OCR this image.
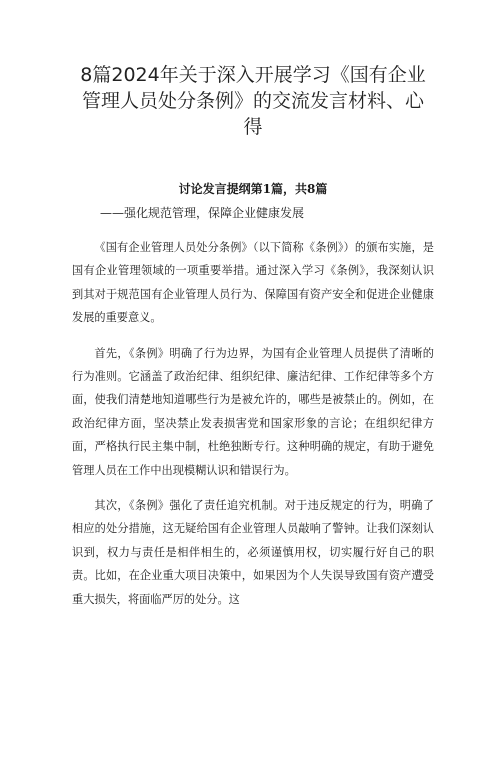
8篇2024年关于深入开展学习《国有企业管理人员处分条例》的交流发言材料、心得
讨论发言提纲第1篇，共8篇
——强化规范管理，保障企业健康发展

《国有企业管理人员处分条例》（以下简称《条例》）的颁布实施，是国有企业管理领域的一项重要举措。通过深入学习《条例》，我深刻认识到其对于规范国有企业管理人员行为、保障国有资产安全和促进企业健康发展的重要意义。

首先，《条例》明确了行为边界，为国有企业管理人员提供了清晰的行为准则。它涵盖了政治纪律、组织纪律、廉洁纪律、工作纪律等多个方面，使我们清楚地知道哪些行为是被允许的，哪些是被禁止的。例如，在政治纪律方面，坚决禁止发表损害党和国家形象的言论；在组织纪律方面，严格执行民主集中制，杜绝独断专行。这种明确的规定，有助于避免管理人员在工作中出现模糊认识和错误行为。

其次，《条例》强化了责任追究机制。对于违反规定的行为，明确了相应的处分措施，这无疑给国有企业管理人员敲响了警钟。让我们深刻认识到，权力与责任是相伴相生的，必须谨慎用权，切实履行好自己的职责。比如，在企业重大项目决策中，如果因为个人失误导致国有资产遭受重大损失，将面临严厉的处分。这
